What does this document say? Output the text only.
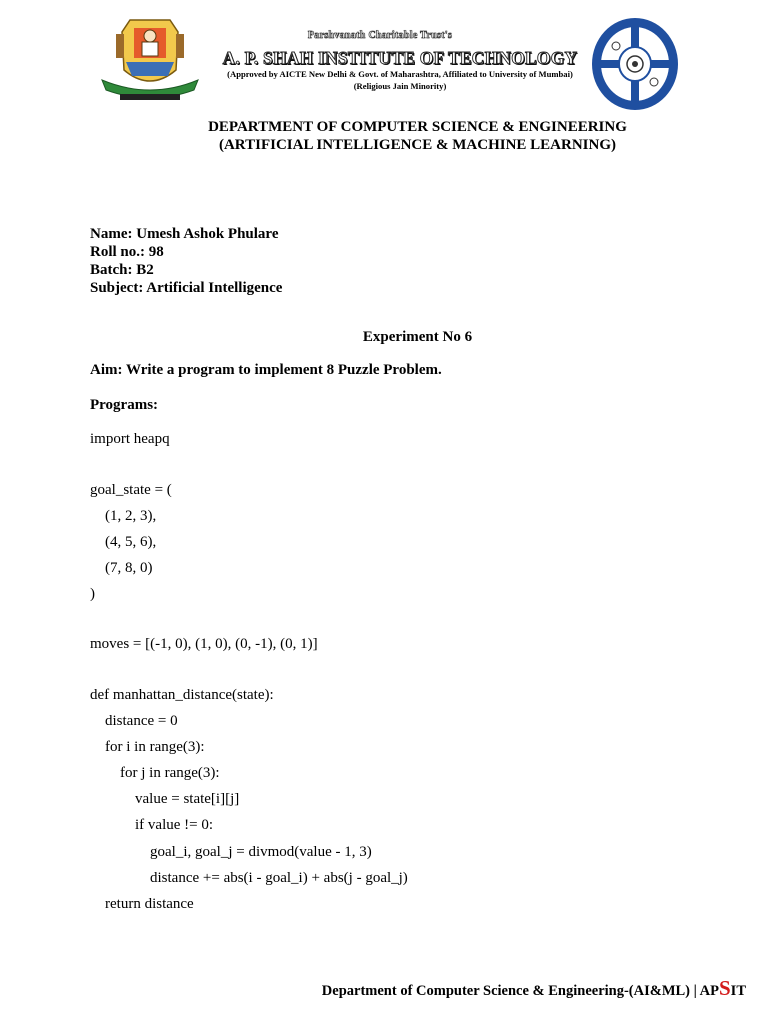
Parshvanath Charitable Trust's
A. P. SHAH INSTITUTE OF TECHNOLOGY
(Approved by AICTE New Delhi & Govt. of Maharashtra, Affiliated to University of Mumbai)
(Religious Jain Minority)
DEPARTMENT OF COMPUTER SCIENCE & ENGINEERING
(ARTIFICIAL INTELLIGENCE & MACHINE LEARNING)
Name: Umesh Ashok Phulare
Roll no.: 98
Batch: B2
Subject: Artificial Intelligence
Experiment No 6
Aim: Write a program to implement 8 Puzzle Problem.
Programs:
import heapq
goal_state = (
(1, 2, 3),
(4, 5, 6),
(7, 8, 0)
)
moves = [(-1, 0), (1, 0), (0, -1), (0, 1)]
def manhattan_distance(state):
distance = 0
for i in range(3):
for j in range(3):
value = state[i][j]
if value != 0:
goal_i, goal_j = divmod(value - 1, 3)
distance += abs(i - goal_i) + abs(j - goal_j)
return distance
Department of Computer Science & Engineering-(AI&ML) | APSIT
